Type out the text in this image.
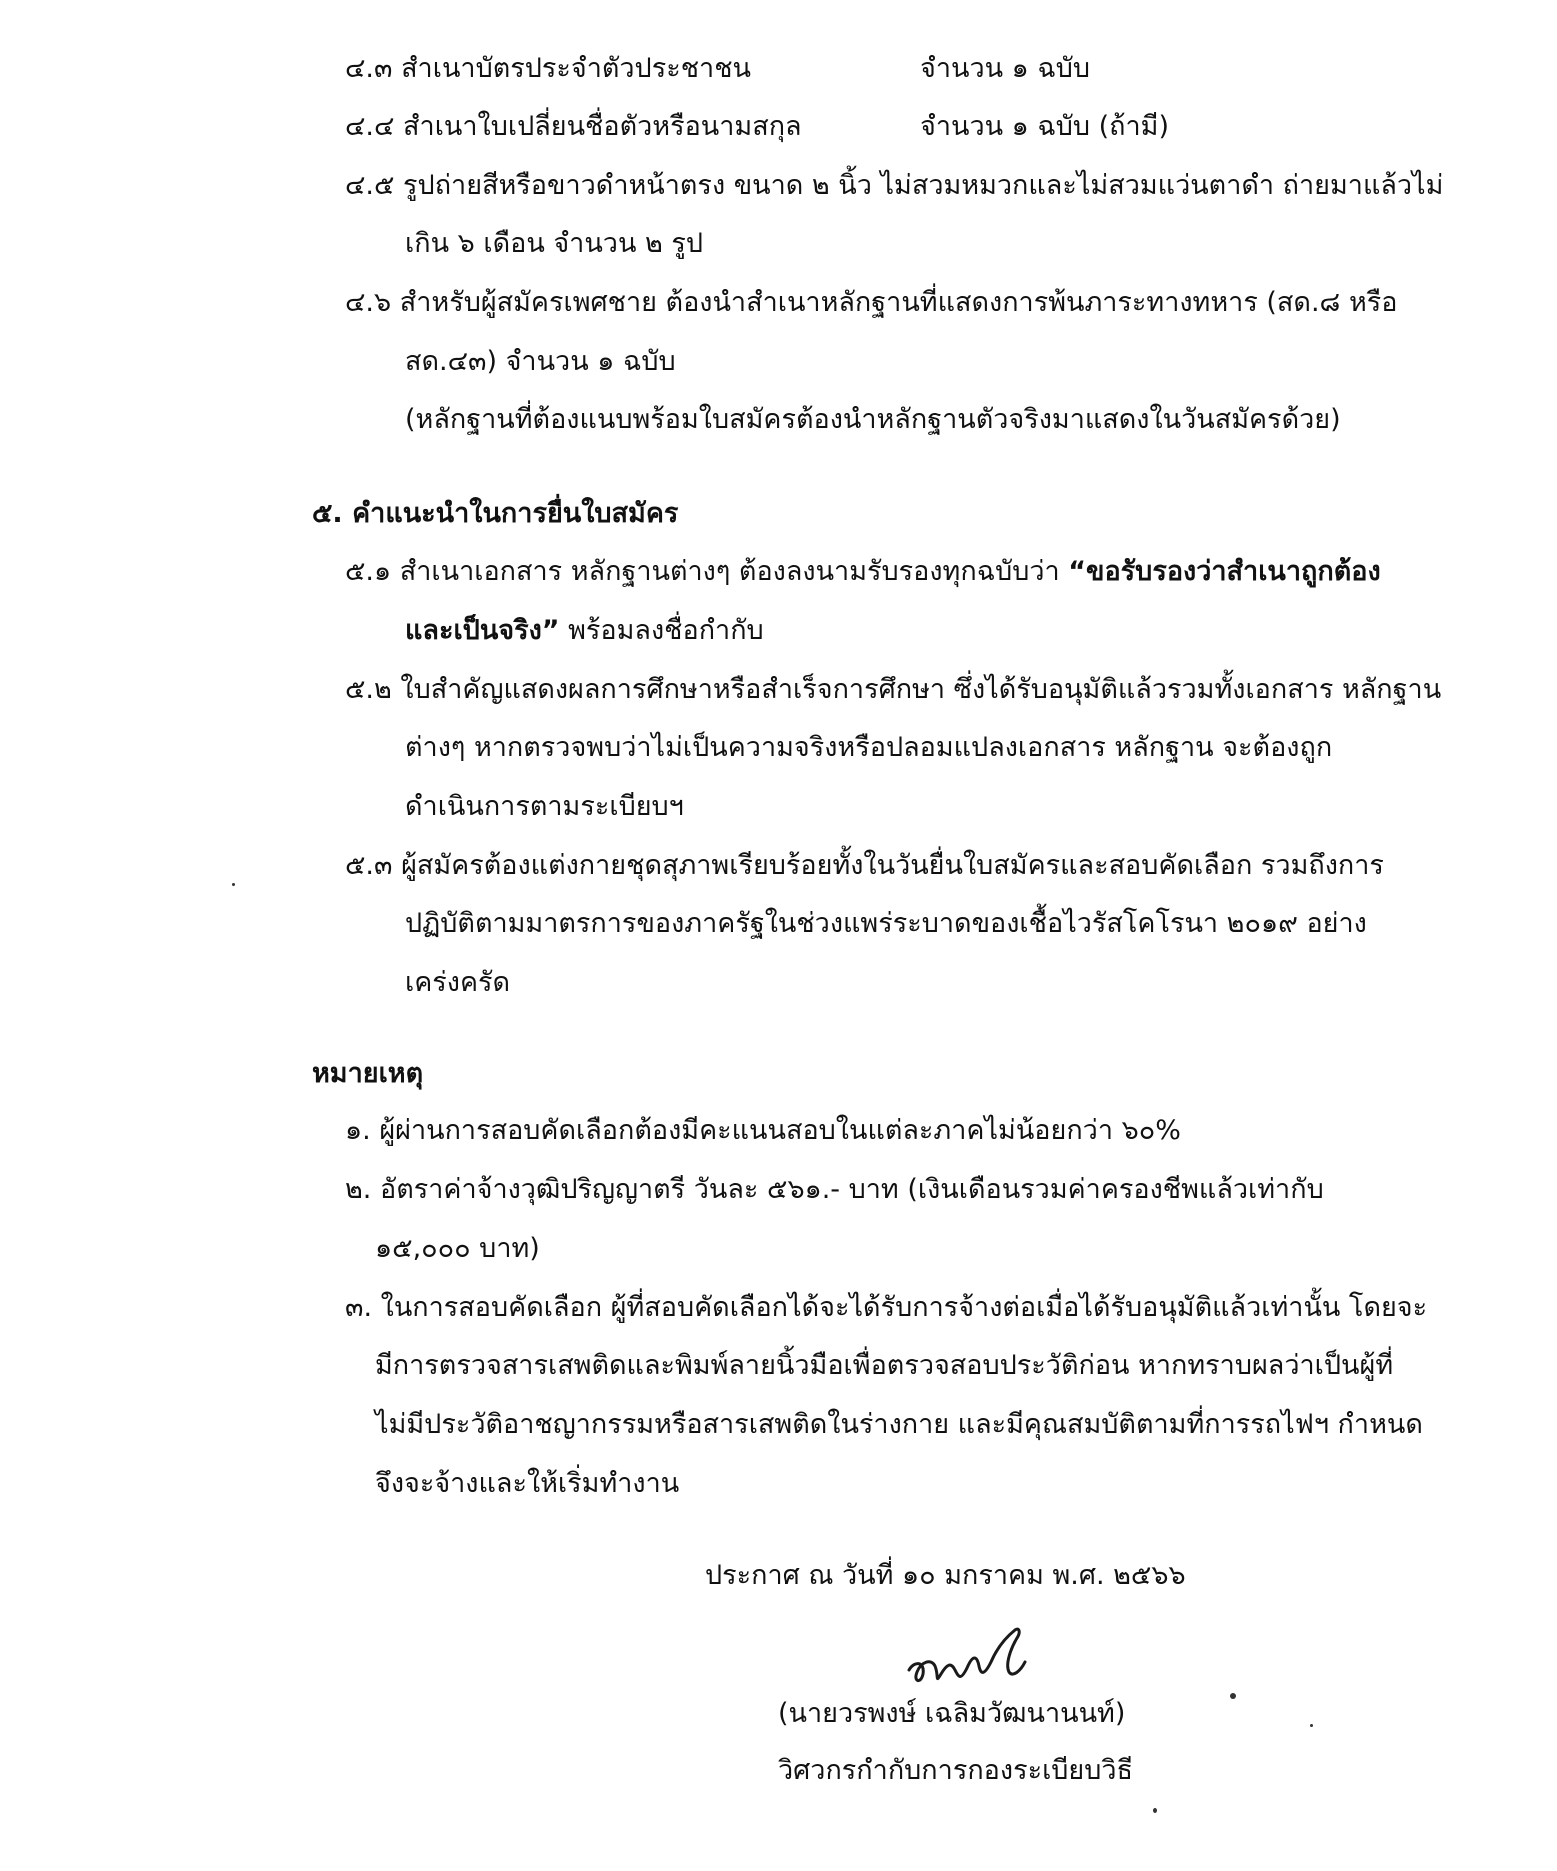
๔.๓ สำเนาบัตรประจำตัวประชาชน	จำนวน ๑ ฉบับ
๔.๔ สำเนาใบเปลี่ยนชื่อตัวหรือนามสกุล	จำนวน ๑ ฉบับ (ถ้ามี)
๔.๕ รูปถ่ายสีหรือขาวดำหน้าตรง ขนาด ๒ นิ้ว ไม่สวมหมวกและไม่สวมแว่นตาดำ ถ่ายมาแล้วไม่
เกิน ๖ เดือน จำนวน ๒ รูป
๔.๖ สำหรับผู้สมัครเพศชาย ต้องนำสำเนาหลักฐานที่แสดงการพ้นภาระทางทหาร (สด.๘ หรือ
สด.๔๓) จำนวน ๑ ฉบับ
(หลักฐานที่ต้องแนบพร้อมใบสมัครต้องนำหลักฐานตัวจริงมาแสดงในวันสมัครด้วย)
๕. คำแนะนำในการยื่นใบสมัคร
๕.๑ สำเนาเอกสาร หลักฐานต่างๆ ต้องลงนามรับรองทุกฉบับว่า “ขอรับรองว่าสำเนาถูกต้อง
และเป็นจริง” พร้อมลงชื่อกำกับ
๕.๒ ใบสำคัญแสดงผลการศึกษาหรือสำเร็จการศึกษา ซึ่งได้รับอนุมัติแล้วรวมทั้งเอกสาร หลักฐาน
ต่างๆ หากตรวจพบว่าไม่เป็นความจริงหรือปลอมแปลงเอกสาร หลักฐาน จะต้องถูก
ดำเนินการตามระเบียบฯ
๕.๓ ผู้สมัครต้องแต่งกายชุดสุภาพเรียบร้อยทั้งในวันยื่นใบสมัครและสอบคัดเลือก รวมถึงการ
ปฏิบัติตามมาตรการของภาครัฐในช่วงแพร่ระบาดของเชื้อไวรัสโคโรนา ๒๐๑๙ อย่าง
เคร่งครัด
หมายเหตุ
๑. ผู้ผ่านการสอบคัดเลือกต้องมีคะแนนสอบในแต่ละภาคไม่น้อยกว่า ๖๐%
๒. อัตราค่าจ้างวุฒิปริญญาตรี วันละ ๕๖๑.- บาท (เงินเดือนรวมค่าครองชีพแล้วเท่ากับ
๑๕,๐๐๐ บาท)
๓. ในการสอบคัดเลือก ผู้ที่สอบคัดเลือกได้จะได้รับการจ้างต่อเมื่อได้รับอนุมัติแล้วเท่านั้น โดยจะ
มีการตรวจสารเสพติดและพิมพ์ลายนิ้วมือเพื่อตรวจสอบประวัติก่อน หากทราบผลว่าเป็นผู้ที่
ไม่มีประวัติอาชญากรรมหรือสารเสพติดในร่างกาย และมีคุณสมบัติตามที่การรถไฟฯ กำหนด
จึงจะจ้างและให้เริ่มทำงาน
ประกาศ ณ วันที่ ๑๐ มกราคม พ.ศ. ๒๕๖๖
(นายวรพงษ์ เฉลิมวัฒนานนท์)
วิศวกรกำกับการกองระเบียบวิธี
